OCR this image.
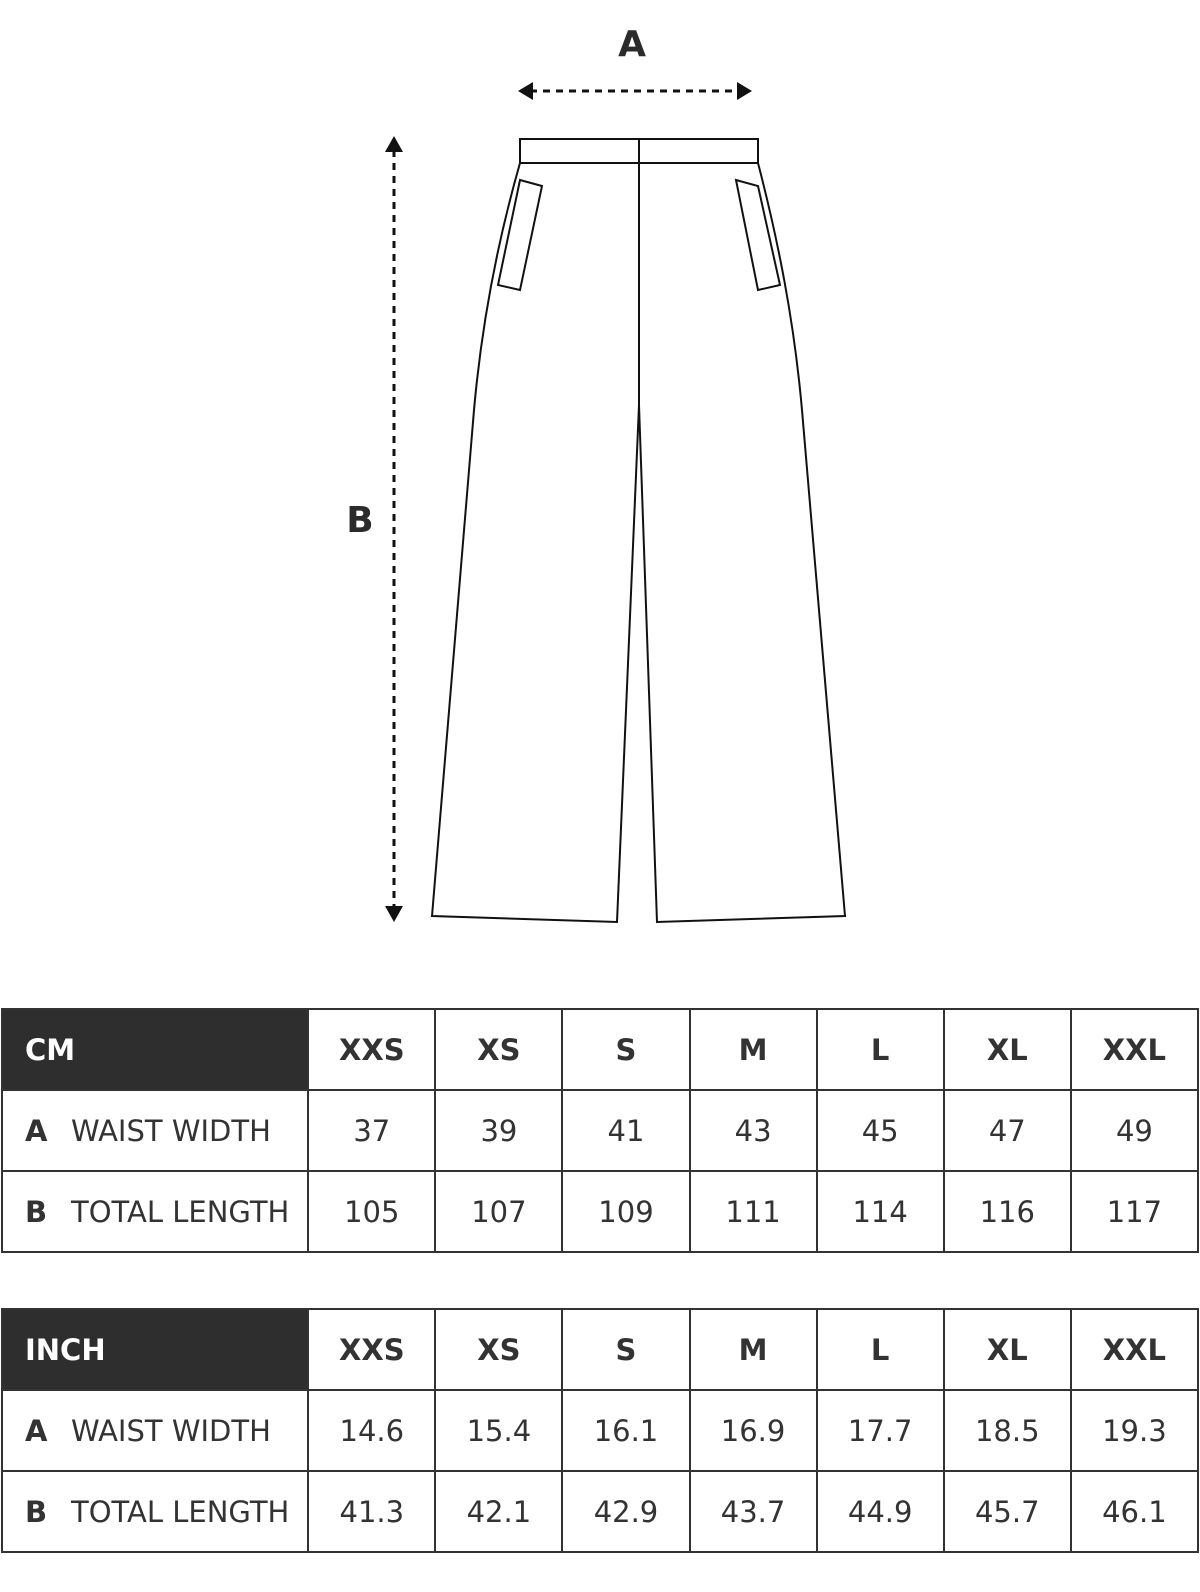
A
B
CM	XXS	XS	S	M	L	XL	XXL
A WAIST WIDTH	37	39	41	43	45	47	49
B TOTAL LENGTH	105	107	109	111	114	116	117
INCH	XXS	XS	S	M	L	XL	XXL
A WAIST WIDTH	14.6	15.4	16.1	16.9	17.7	18.5	19.3
B TOTAL LENGTH	41.3	42.1	42.9	43.7	44.9	45.7	46.1
